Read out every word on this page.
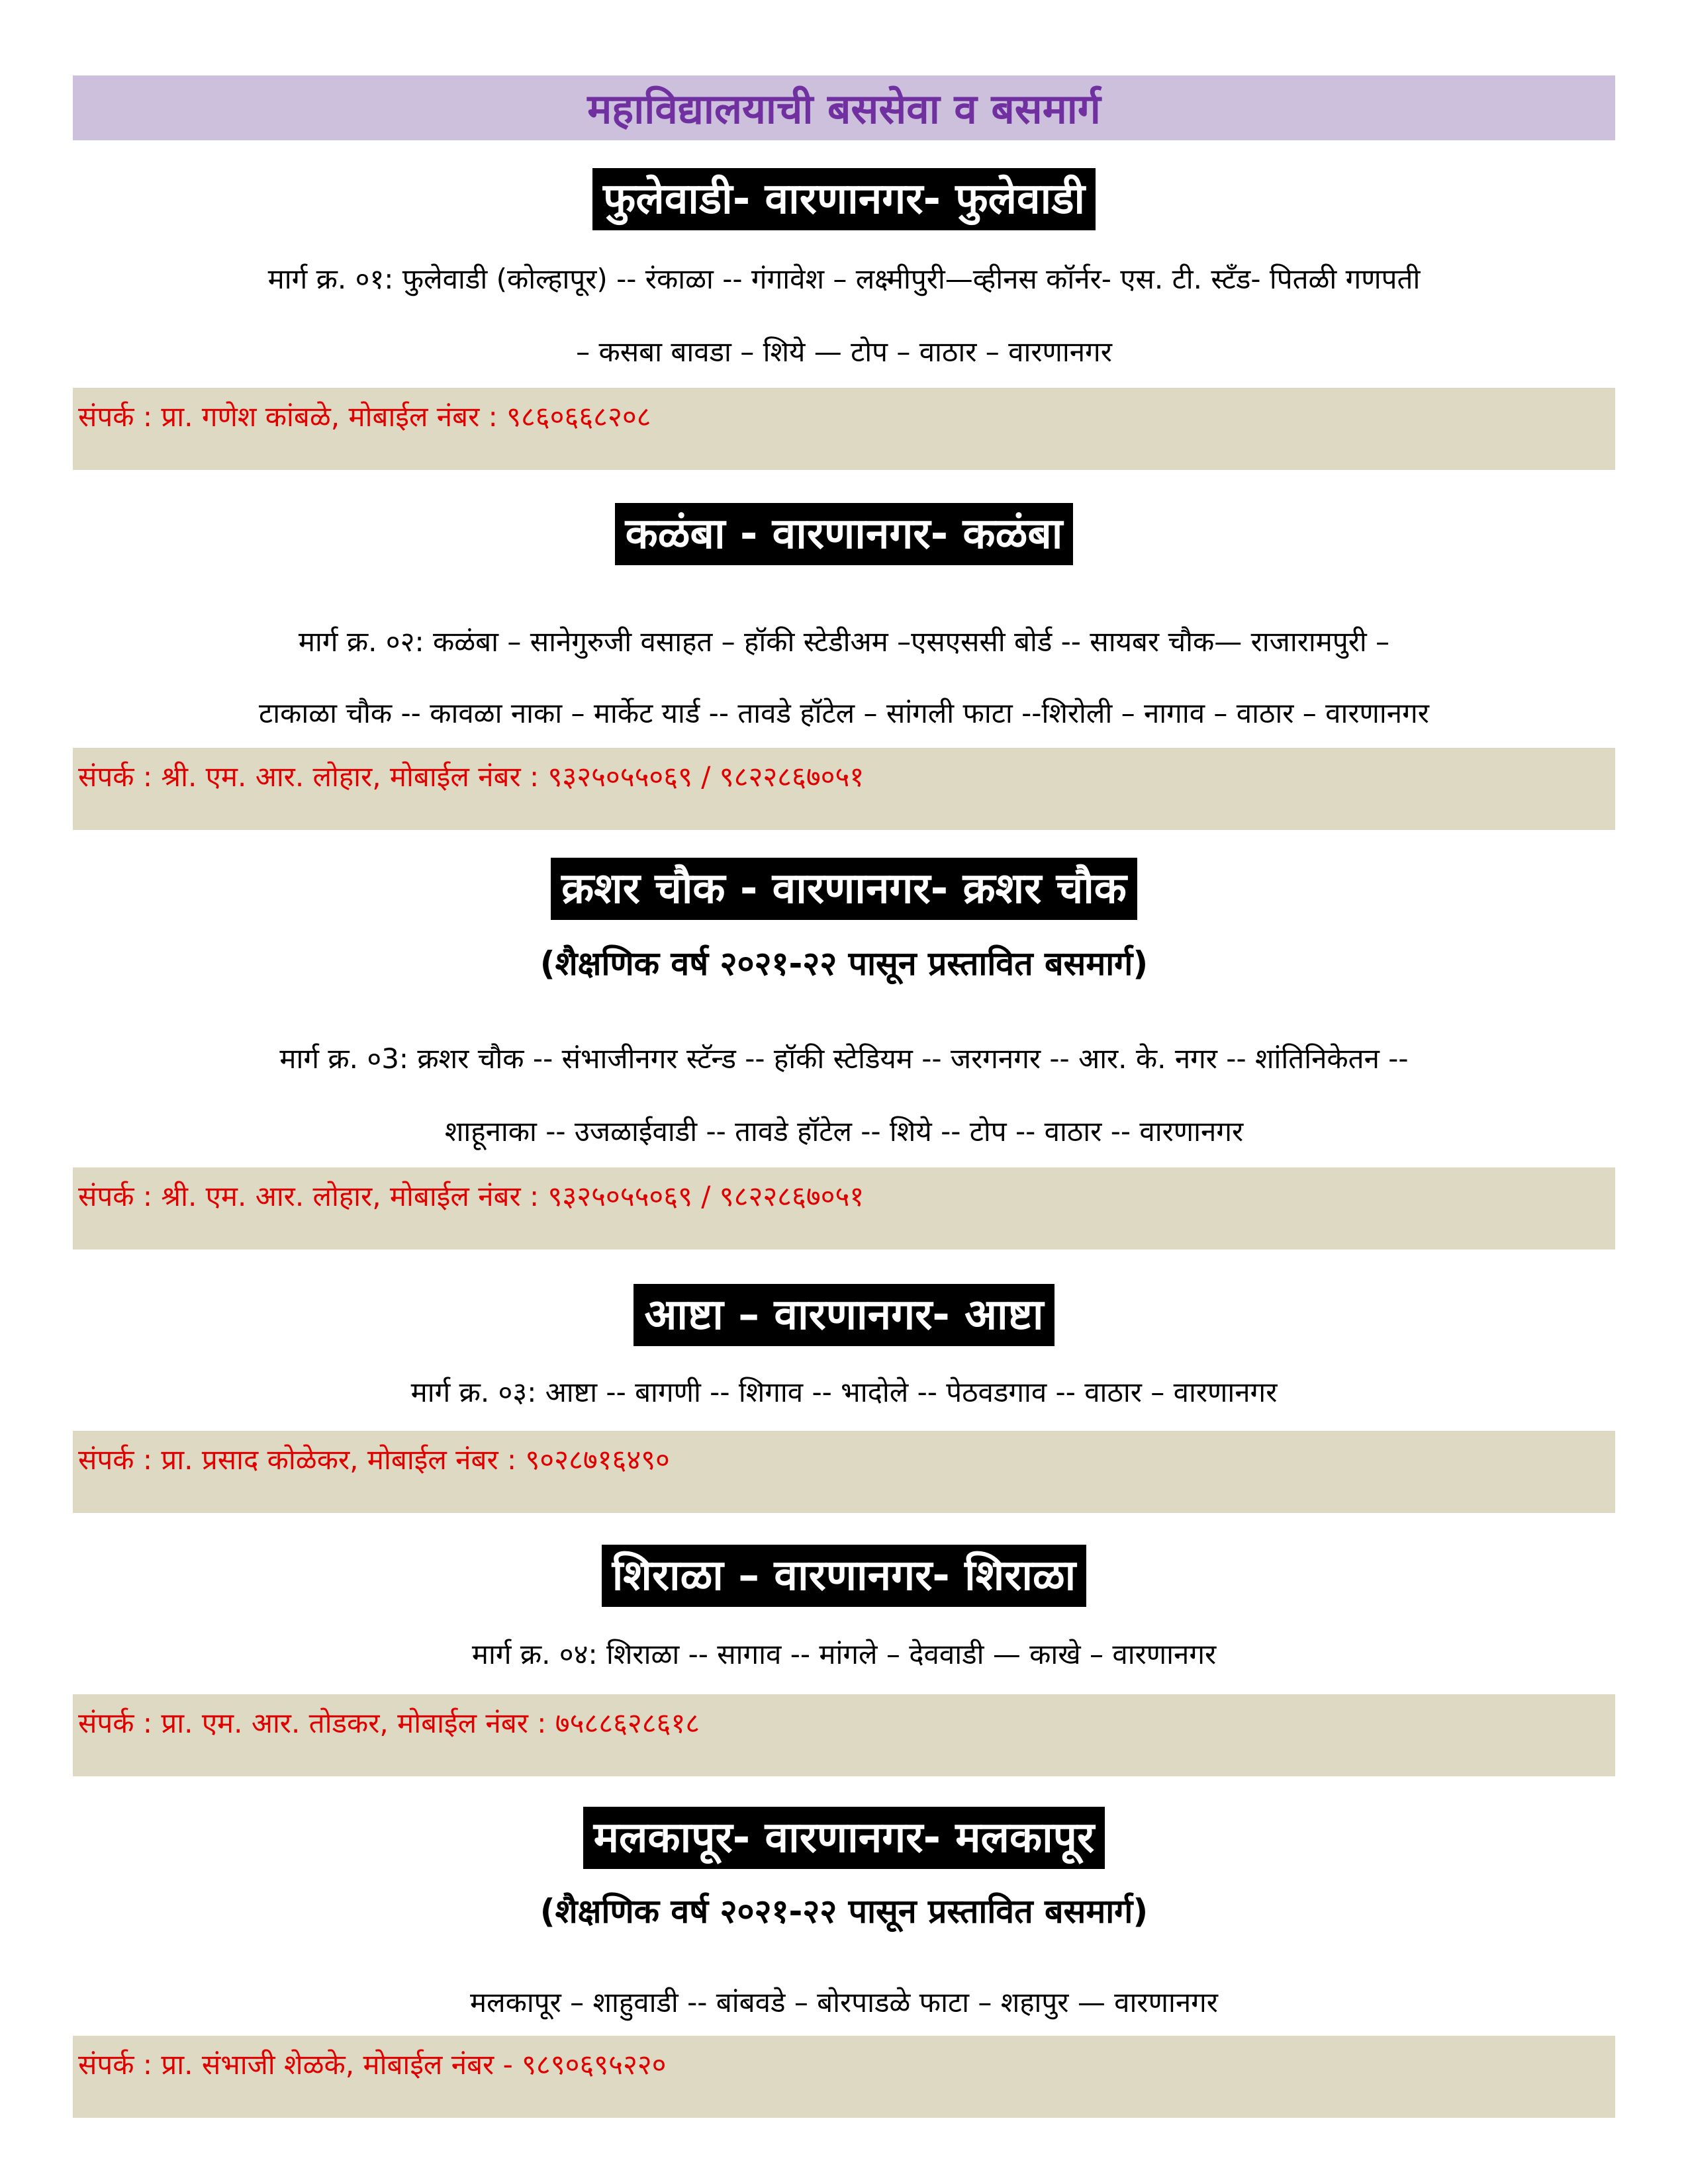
महाविद्यालयाची बससेवा व बसमार्ग
फुलेवाडी- वारणानगर- फुलेवाडी
मार्ग क्र. ०१: फुलेवाडी (कोल्हापूर) -- रंकाळा -- गंगावेश – लक्ष्मीपुरी—व्हीनस कॉर्नर- एस. टी. स्टॅंड- पितळी गणपती
– कसबा बावडा – शिये — टोप – वाठार – वारणानगर
संपर्क : प्रा. गणेश कांबळे, मोबाईल नंबर : ९८६०६६८२०८
कळंबा - वारणानगर- कळंबा
मार्ग क्र. ०२: कळंबा – सानेगुरुजी वसाहत – हॉकी स्टेडीअम –एसएससी बोर्ड -- सायबर चौक— राजारामपुरी –
टाकाळा चौक -- कावळा नाका – मार्केट यार्ड -- तावडे हॉटेल – सांगली फाटा --शिरोली – नागाव – वाठार – वारणानगर
संपर्क : श्री. एम. आर. लोहार, मोबाईल नंबर : ९३२५०५५०६९ / ९८२२८६७०५१
क्रशर चौक - वारणानगर- क्रशर चौक
(शैक्षणिक वर्ष २०२१-२२ पासून प्रस्तावित बसमार्ग)
मार्ग क्र. ०3: क्रशर चौक -- संभाजीनगर स्टॅन्ड -- हॉकी स्टेडियम -- जरगनगर -- आर. के. नगर -- शांतिनिकेतन --
शाहूनाका -- उजळाईवाडी -- तावडे हॉटेल -- शिये -- टोप -- वाठार -- वारणानगर
संपर्क : श्री. एम. आर. लोहार, मोबाईल नंबर : ९३२५०५५०६९ / ९८२२८६७०५१
आष्टा – वारणानगर- आष्टा
मार्ग क्र. ०३: आष्टा -- बागणी -- शिगाव -- भादोले -- पेठवडगाव -- वाठार – वारणानगर
संपर्क : प्रा. प्रसाद कोळेकर, मोबाईल नंबर : ९०२८७१६४९०
शिराळा – वारणानगर- शिराळा
मार्ग क्र. ०४: शिराळा -- सागाव -- मांगले – देववाडी — काखे – वारणानगर
संपर्क : प्रा. एम. आर. तोडकर, मोबाईल नंबर : ७५८८६२८६१८
मलकापूर- वारणानगर- मलकापूर
(शैक्षणिक वर्ष २०२१-२२ पासून प्रस्तावित बसमार्ग)
मलकापूर – शाहुवाडी -- बांबवडे – बोरपाडळे फाटा – शहापुर — वारणानगर
संपर्क : प्रा. संभाजी शेळके, मोबाईल नंबर - ९८९०६९५२२०
